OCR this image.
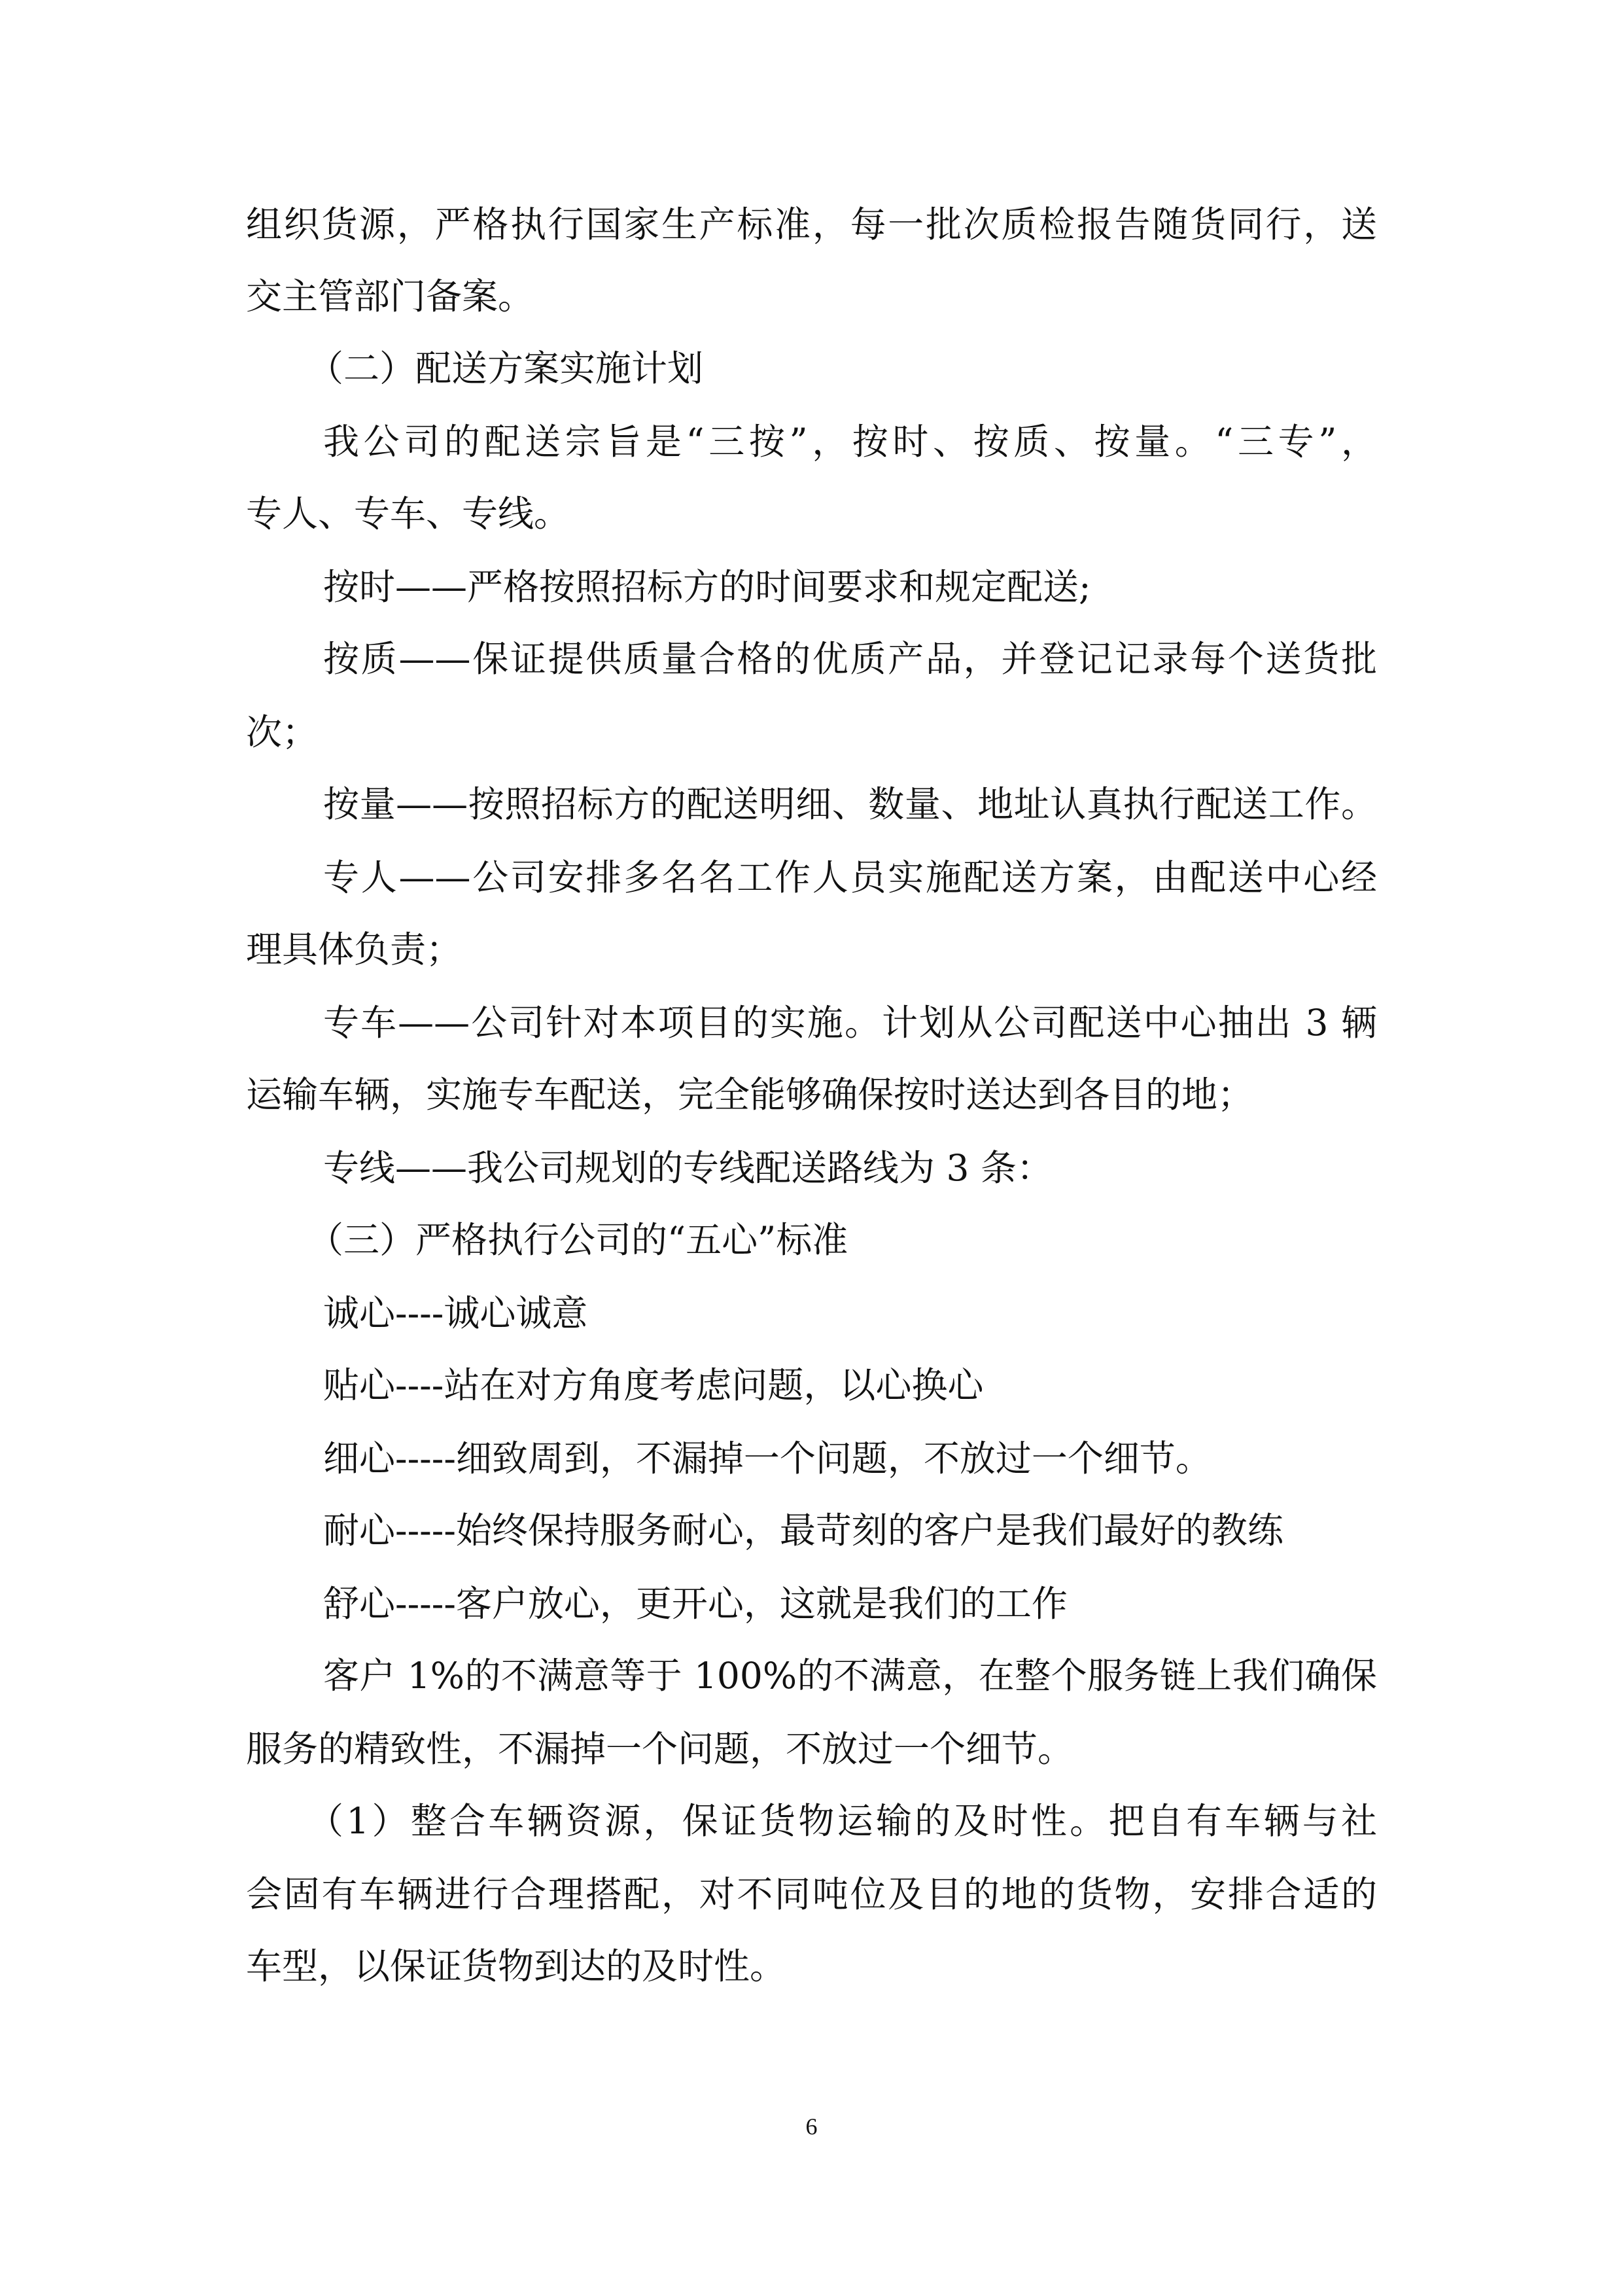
组织货源，严格执行国家生产标准，每一批次质检报告随货同行，送
交主管部门备案。
（二）配送方案实施计划
我公司的配送宗旨是“三按”，按时、按质、按量。“三专”，
专人、专车、专线。
按时——严格按照招标方的时间要求和规定配送;
按质——保证提供质量合格的优质产品，并登记记录每个送货批
次；
按量——按照招标方的配送明细、数量、地址认真执行配送工作。
专人——公司安排多名名工作人员实施配送方案，由配送中心经
理具体负责；
专车——公司针对本项目的实施。计划从公司配送中心抽出 3 辆
运输车辆，实施专车配送，完全能够确保按时送达到各目的地；
专线——我公司规划的专线配送路线为 3 条：
（三）严格执行公司的“五心”标准
诚心----诚心诚意
贴心----站在对方角度考虑问题，以心换心
细心-----细致周到，不漏掉一个问题，不放过一个细节。
耐心-----始终保持服务耐心，最苛刻的客户是我们最好的教练
舒心-----客户放心，更开心，这就是我们的工作
客户 1%的不满意等于 100%的不满意，在整个服务链上我们确保
服务的精致性，不漏掉一个问题，不放过一个细节。
（1）整合车辆资源，保证货物运输的及时性。把自有车辆与社
会固有车辆进行合理搭配，对不同吨位及目的地的货物，安排合适的
车型，以保证货物到达的及时性。
6
